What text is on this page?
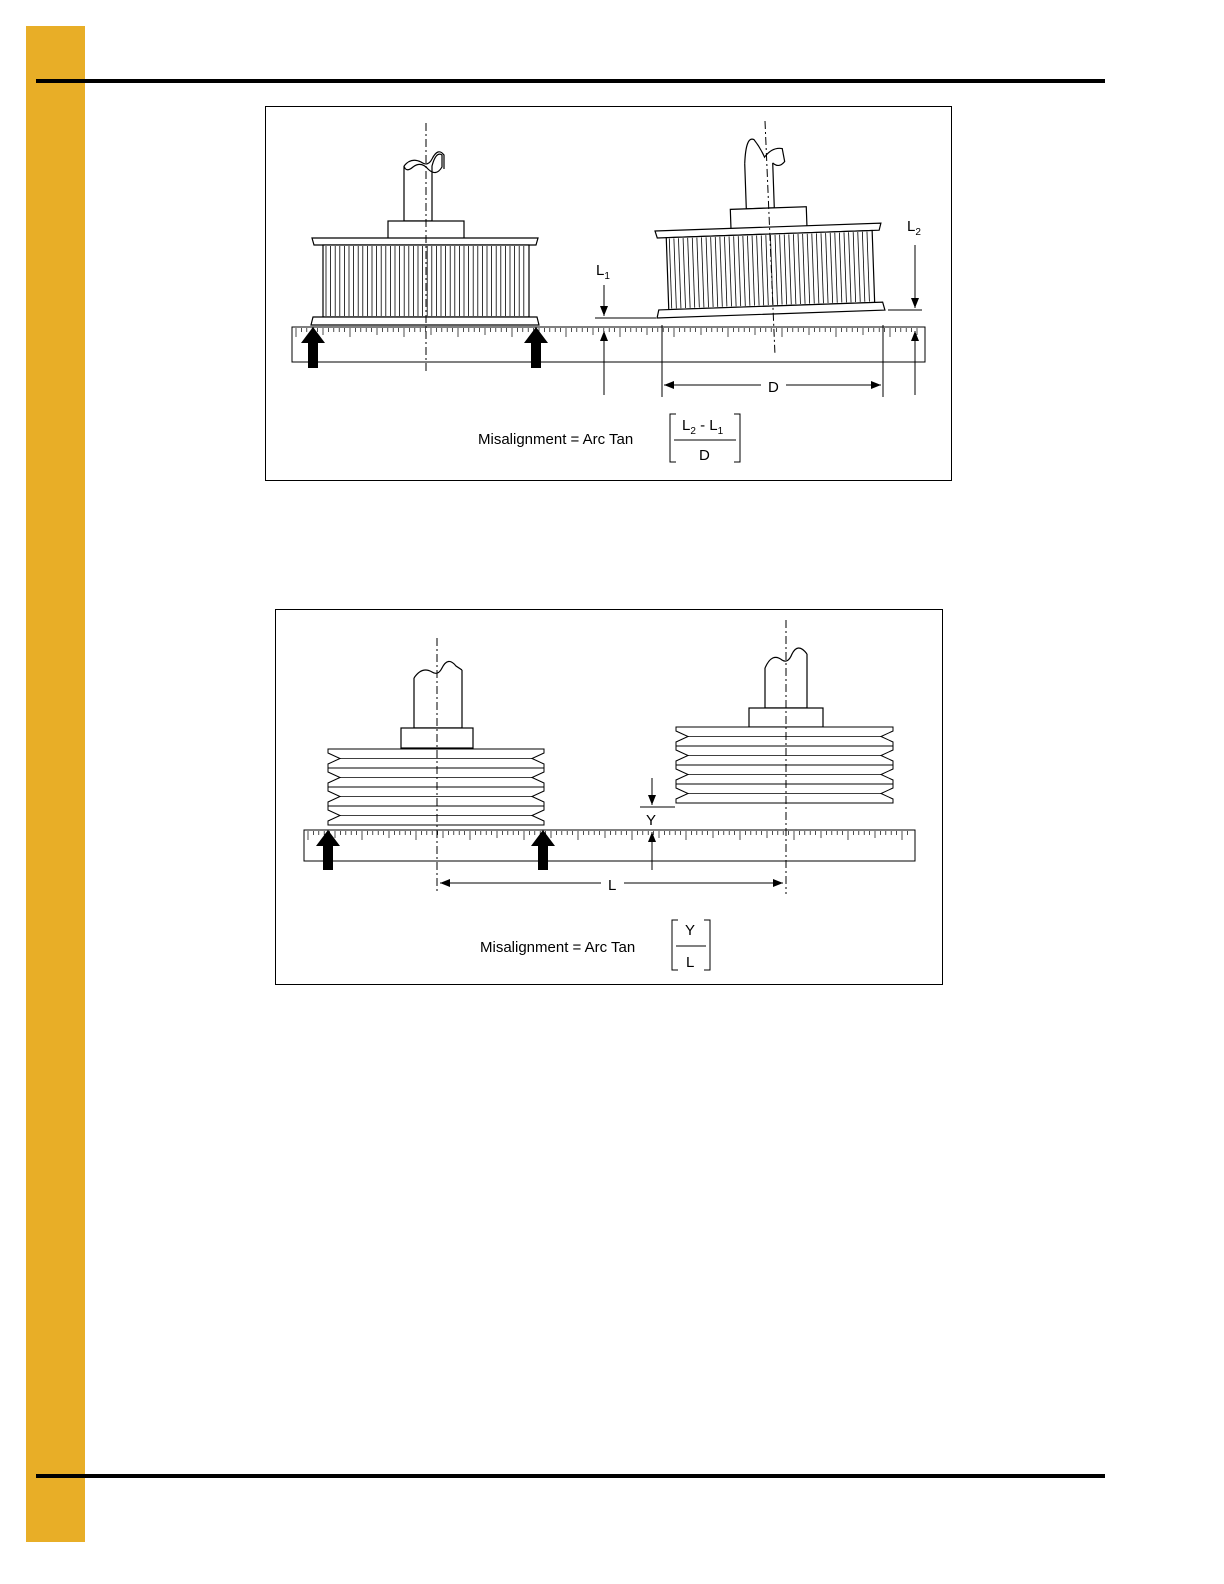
$L_1$
$L_2$
D
Misalignment = Arc Tan
$L_2 - L_1$
D
Y
L
Misalignment = Arc Tan
Y
L
